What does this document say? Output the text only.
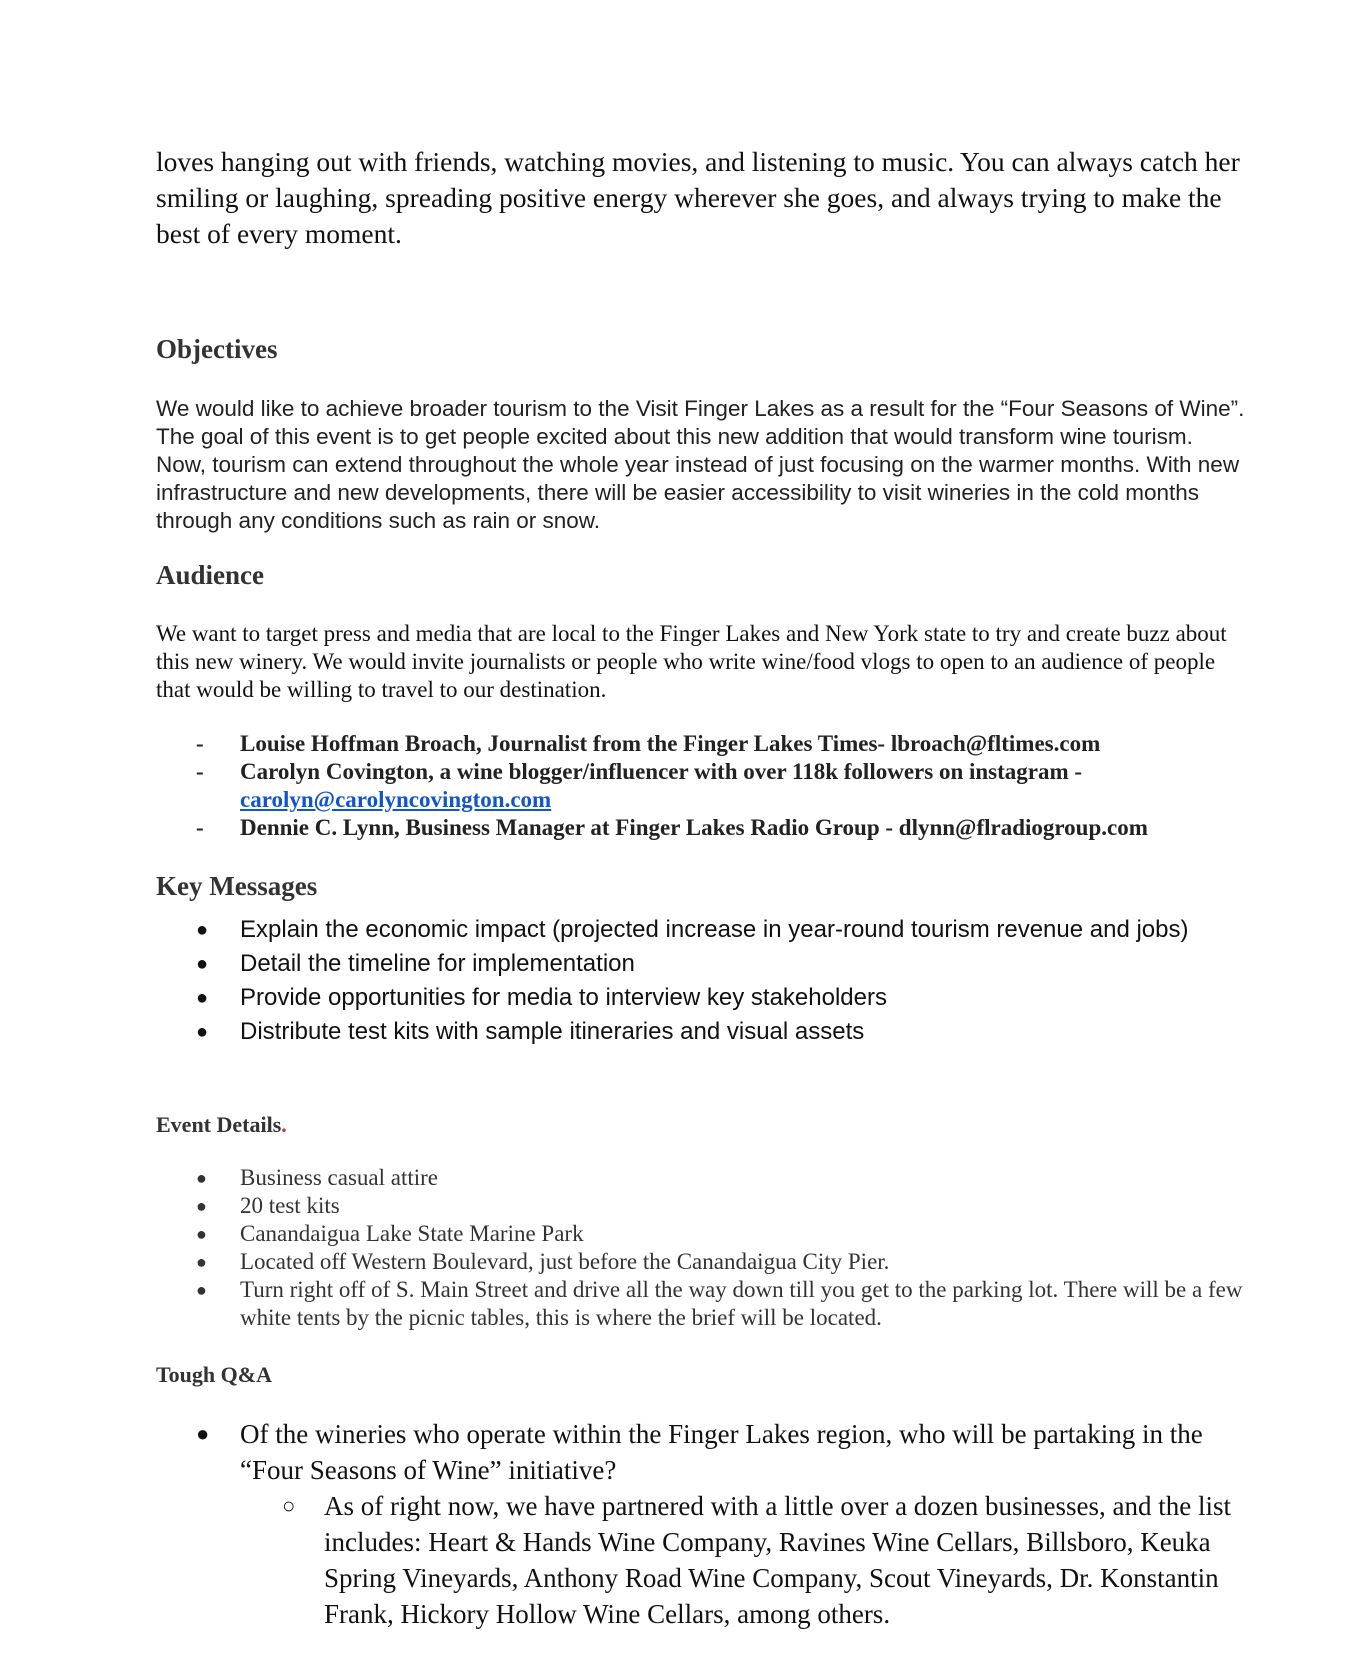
loves hanging out with friends, watching movies, and listening to music. You can always catch her smiling or laughing, spreading positive energy wherever she goes, and always trying to make the best of every moment.

Objectives

We would like to achieve broader tourism to the Visit Finger Lakes as a result for the “Four Seasons of Wine”. The goal of this event is to get people excited about this new addition that would transform wine tourism. Now, tourism can extend throughout the whole year instead of just focusing on the warmer months. With new infrastructure and new developments, there will be easier accessibility to visit wineries in the cold months through any conditions such as rain or snow.

Audience

We want to target press and media that are local to the Finger Lakes and New York state to try and create buzz about this new winery. We would invite journalists or people who write wine/food vlogs to open to an audience of people that would be willing to travel to our destination.

- Louise Hoffman Broach, Journalist from the Finger Lakes Times- lbroach@fltimes.com
- Carolyn Covington, a wine blogger/influencer with over 118k followers on instagram - carolyn@carolyncovington.com
- Dennie C. Lynn, Business Manager at Finger Lakes Radio Group - dlynn@flradiogroup.com
Key Messages
● Explain the economic impact (projected increase in year-round tourism revenue and jobs)
● Detail the timeline for implementation
● Provide opportunities for media to interview key stakeholders
● Distribute test kits with sample itineraries and visual assets
Event Details.
● Business casual attire
● 20 test kits
● Canandaigua Lake State Marine Park
● Located off Western Boulevard, just before the Canandaigua City Pier.
● Turn right off of S. Main Street and drive all the way down till you get to the parking lot. There will be a few white tents by the picnic tables, this is where the brief will be located.
Tough Q&A
● Of the wineries who operate within the Finger Lakes region, who will be partaking in the “Four Seasons of Wine” initiative?
○ As of right now, we have partnered with a little over a dozen businesses, and the list includes: Heart & Hands Wine Company, Ravines Wine Cellars, Billsboro, Keuka Spring Vineyards, Anthony Road Wine Company, Scout Vineyards, Dr. Konstantin Frank, Hickory Hollow Wine Cellars, among others.
